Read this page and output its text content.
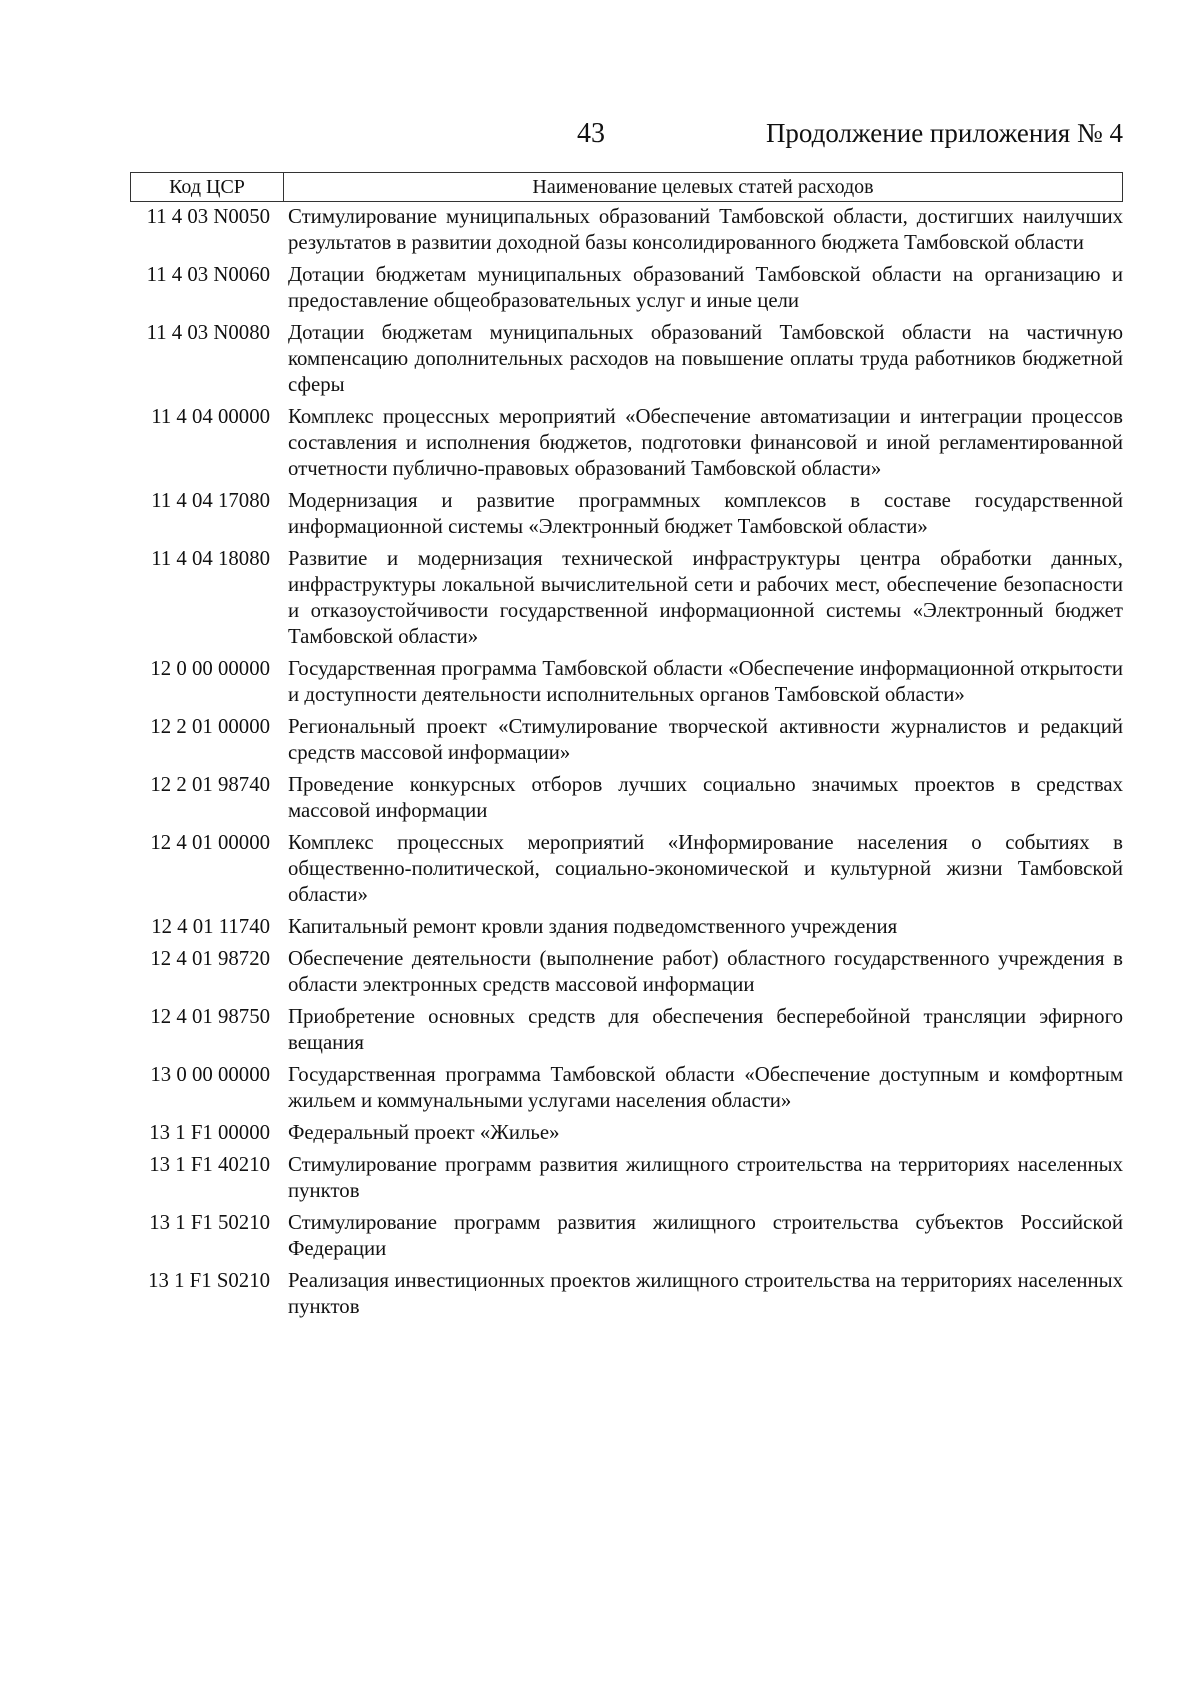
43	Продолжение приложения № 4
Код ЦСР	Наименование целевых статей расходов
11 4 03 N0050 Стимулирование муниципальных образований Тамбовской области, достигших наилучших результатов в развитии доходной базы консолидированного бюджета Тамбовской области
11 4 03 N0060 Дотации бюджетам муниципальных образований Тамбовской области на организацию и предоставление общеобразовательных услуг и иные цели
11 4 03 N0080 Дотации бюджетам муниципальных образований Тамбовской области на частичную компенсацию дополнительных расходов на повышение оплаты труда работников бюджетной сферы
11 4 04 00000 Комплекс процессных мероприятий «Обеспечение автоматизации и интеграции процессов составления и исполнения бюджетов, подготовки финансовой и иной регламентированной отчетности публично-правовых образований Тамбовской области»
11 4 04 17080 Модернизация и развитие программных комплексов в составе государственной информационной системы «Электронный бюджет Тамбовской области»
11 4 04 18080 Развитие и модернизация технической инфраструктуры центра обработки данных, инфраструктуры локальной вычислительной сети и рабочих мест, обеспечение безопасности и отказоустойчивости государственной информационной системы «Электронный бюджет Тамбовской области»
12 0 00 00000 Государственная программа Тамбовской области «Обеспечение информационной открытости и доступности деятельности исполнительных органов Тамбовской области»
12 2 01 00000 Региональный проект «Стимулирование творческой активности журналистов и редакций средств массовой информации»
12 2 01 98740 Проведение конкурсных отборов лучших социально значимых проектов в средствах массовой информации
12 4 01 00000 Комплекс процессных мероприятий «Информирование населения о событиях в общественно-политической, социально-экономической и культурной жизни Тамбовской области»
12 4 01 11740 Капитальный ремонт кровли здания подведомственного учреждения
12 4 01 98720 Обеспечение деятельности (выполнение работ) областного государственного учреждения в области электронных средств массовой информации
12 4 01 98750 Приобретение основных средств для обеспечения бесперебойной трансляции эфирного вещания
13 0 00 00000 Государственная программа Тамбовской области «Обеспечение доступным и комфортным жильем и коммунальными услугами населения области»
13 1 F1 00000 Федеральный проект «Жилье»
13 1 F1 40210 Стимулирование программ развития жилищного строительства на территориях населенных пунктов
13 1 F1 50210 Стимулирование программ развития жилищного строительства субъектов Российской Федерации
13 1 F1 S0210 Реализация инвестиционных проектов жилищного строительства на территориях населенных пунктов
